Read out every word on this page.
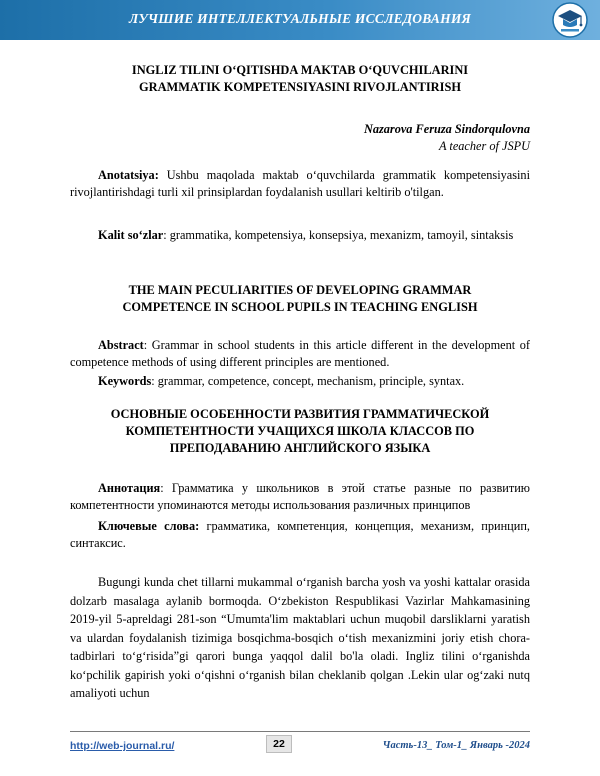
ЛУЧШИЕ ИНТЕЛЛЕКТУАЛЬНЫЕ ИССЛЕДОВАНИЯ
INGLIZ TILINI O‘QITISHDA MAKTAB O‘QUVCHILARINI
GRAMMATIK KOMPETENSIYASINI RIVOJLANTIRISH
Nazarova Feruza Sindorqulovna
A teacher of JSPU
Anotatsiya: Ushbu maqolada maktab o‘quvchilarda grammatik kompetensiyasini rivojlantirishdagi turli xil prinsiplardan foydalanish usullari keltirib o'tilgan.
Kalit so‘zlar: grammatika, kompetensiya, konsepsiya, mexanizm, tamoyil, sintaksis
THE MAIN PECULIARITIES OF DEVELOPING GRAMMAR
COMPETENCE IN SCHOOL PUPILS IN TEACHING ENGLISH
Abstract: Grammar in school students in this article different in the development of competence methods of using different principles are mentioned.
Keywords: grammar, competence, concept, mechanism, principle, syntax.
ОСНОВНЫЕ ОСОБЕННОСТИ РАЗВИТИЯ ГРАММАТИЧЕСКОЙ
КОМПЕТЕНТНОСТИ УЧАЩИХСЯ ШКОЛА КЛАССОВ ПО
ПРЕПОДАВАНИЮ АНГЛИЙСКОГО ЯЗЫКА
Аннотация: Грамматика у школьников в этой статье разные по развитию компетентности упоминаются методы использования различных принципов
Ключевые слова: грамматика, компетенция, концепция, механизм, принцип, синтаксис.
Bugungi kunda chet tillarni mukammal o‘rganish barcha yosh va yoshi kattalar orasida dolzarb masalaga aylanib bormoqda. O‘zbekiston Respublikasi Vazirlar Mahkamasining 2019-yil 5-apreldagi 281-son “Umumta'lim maktablari uchun muqobil darsliklarni yaratish va ulardan foydalanish tizimiga bosqichma-bosqich o‘tish mexanizmini joriy etish chora-tadbirlari to‘g‘risida”gi qarori bunga yaqqol dalil bo'la oladi. Ingliz tilini o‘rganishda ko‘pchilik gapirish yoki o‘qishni o‘rganish bilan cheklanib qolgan .Lekin ular og‘zaki nutq amaliyoti uchun
http://web-journal.ru/	22	Часть-13_ Том-1_ Январь -2024
